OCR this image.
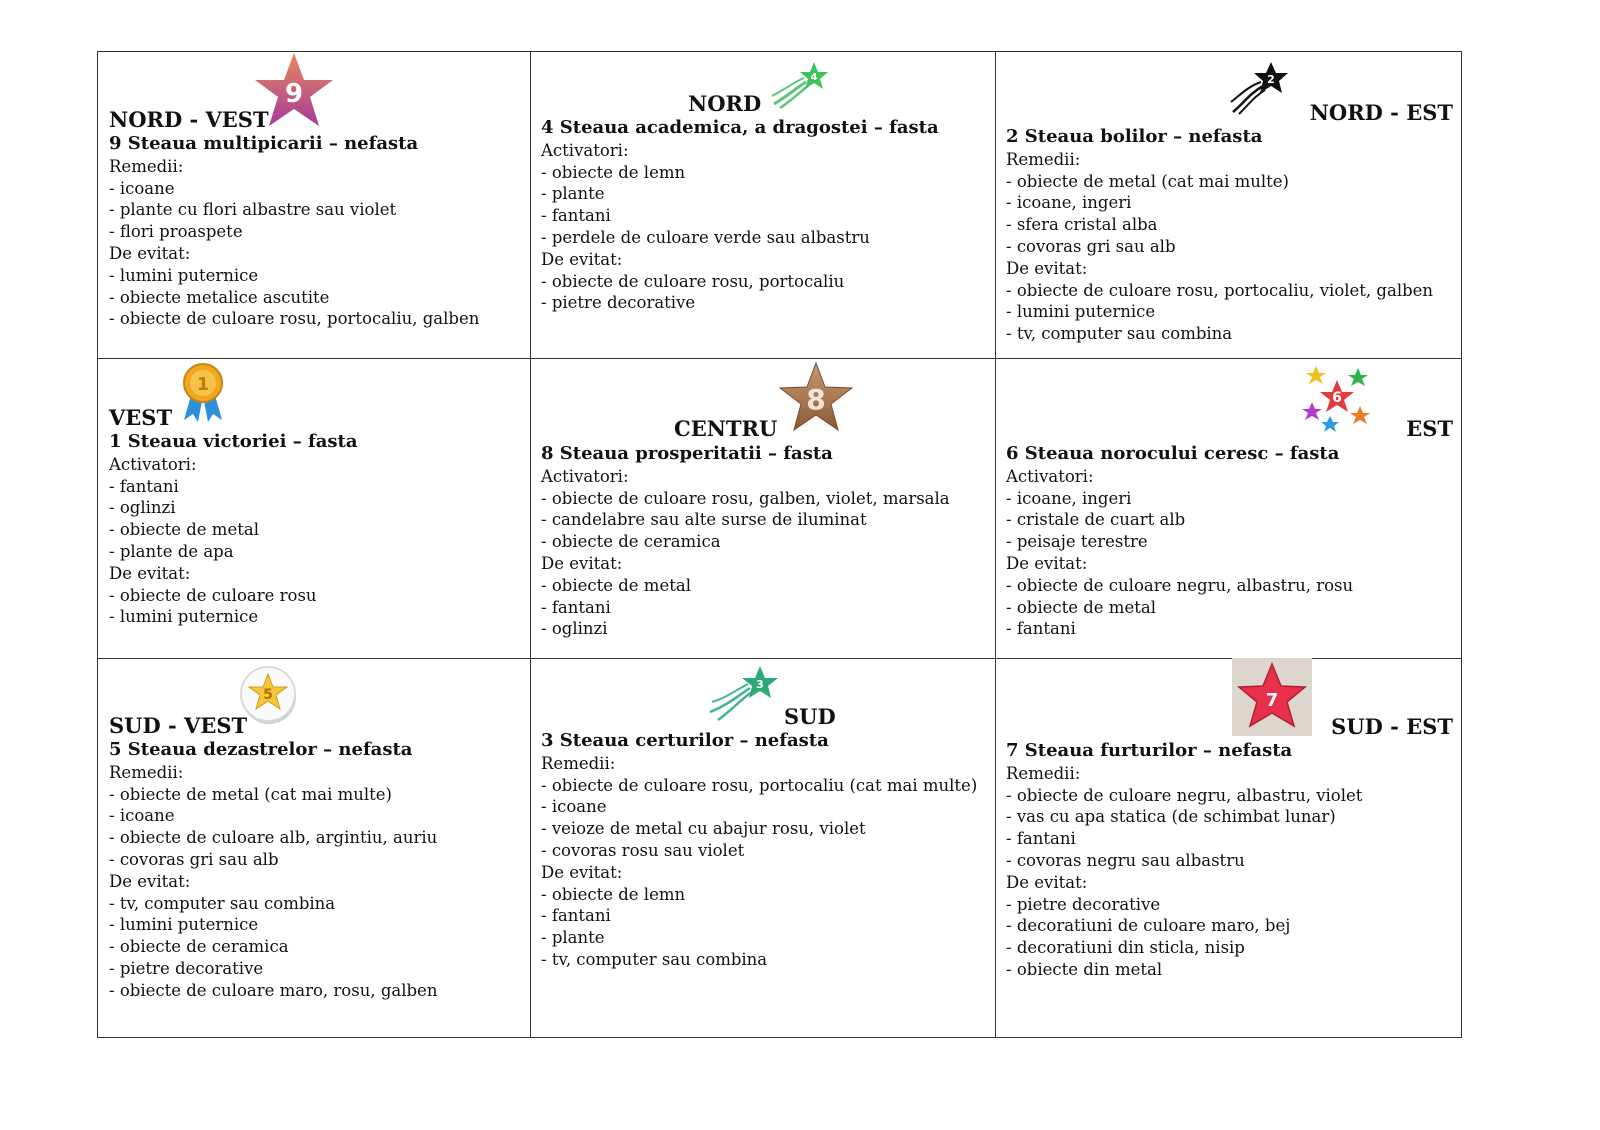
9
NORD - VEST
9 Steaua multipicarii – nefasta
Remedii:
- icoane
- plante cu flori albastre sau violet
- flori proaspete
De evitat:
- lumini puternice
- obiecte metalice ascutite
- obiecte de culoare rosu, portocaliu, galben
4
NORD
4 Steaua academica, a dragostei – fasta
Activatori:
- obiecte de lemn
- plante
- fantani
- perdele de culoare verde sau albastru
De evitat:
- obiecte de culoare rosu, portocaliu
- pietre decorative
2
NORD - EST
2 Steaua bolilor – nefasta
Remedii:
- obiecte de metal (cat mai multe)
- icoane, ingeri
- sfera cristal alba
- covoras gri sau alb
De evitat:
- obiecte de culoare rosu, portocaliu, violet, galben
- lumini puternice
- tv, computer sau combina
1
VEST
1 Steaua victoriei – fasta
Activatori:
- fantani
- oglinzi
- obiecte de metal
- plante de apa
De evitat:
- obiecte de culoare rosu
- lumini puternice
8
CENTRU
8 Steaua prosperitatii – fasta
Activatori:
- obiecte de culoare rosu, galben, violet, marsala
- candelabre sau alte surse de iluminat
- obiecte de ceramica
De evitat:
- obiecte de metal
- fantani
- oglinzi
6
EST
6 Steaua norocului ceresc – fasta
Activatori:
- icoane, ingeri
- cristale de cuart alb
- peisaje terestre
De evitat:
- obiecte de culoare negru, albastru, rosu
- obiecte de metal
- fantani
5
SUD - VEST
5 Steaua dezastrelor – nefasta
Remedii:
- obiecte de metal (cat mai multe)
- icoane
- obiecte de culoare alb, argintiu, auriu
- covoras gri sau alb
De evitat:
- tv, computer sau combina
- lumini puternice
- obiecte de ceramica
- pietre decorative
- obiecte de culoare maro, rosu, galben
3
SUD
3 Steaua certurilor – nefasta
Remedii:
- obiecte de culoare rosu, portocaliu (cat mai multe)
- icoane
- veioze de metal cu abajur rosu, violet
- covoras rosu sau violet
De evitat:
- obiecte de lemn
- fantani
- plante
- tv, computer sau combina
7
SUD - EST
7 Steaua furturilor – nefasta
Remedii:
- obiecte de culoare negru, albastru, violet
- vas cu apa statica (de schimbat lunar)
- fantani
- covoras negru sau albastru
De evitat:
- pietre decorative
- decoratiuni de culoare maro, bej
- decoratiuni din sticla, nisip
- obiecte din metal
